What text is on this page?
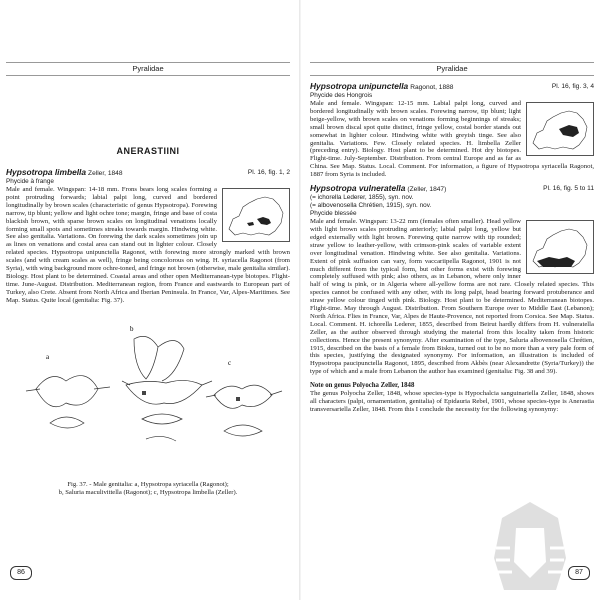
Pyralidae
ANERASTIINI
Hypsotropa limbella Zeller, 1848	Pl. 16, fig. 1, 2
Phycide à frange

Male and female. Wingspan: 14-18 mm. Frons bears long scales forming a point protruding forwards; labial palpi long, curved and bordered longitudinally by brown scales (characteristic of genus Hypsotropa). Forewing narrow, tip blunt; yellow and light ochre tone; margin, fringe and base of costa blackish brown, with sparse brown scales on longitudinal venations locally forming small spots and sometimes streaks towards margin. Hindwing white. See also genitalia. Variations. On forewing the dark scales sometimes join up as lines on venations and costal area can stand out in lighter colour. Closely related species. Hypsotropa unipunctella Ragonot, with forewing more strongly marked with brown scales (and with cream scales as well), fringe being concolorous on wing. H. syriacella Ragonot (from Syria), with wing background more ochre-toned, and fringe not brown (otherwise, male genitalia similar). Biology. Host plant to be determined. Coastal areas and other open Mediterranean-type biotopes. Flight-time. June-August. Distribution. Mediterranean region, from France and eastwards to European part of Turkey, also Crete. Absent from North Africa and Iberian Peninsula. In France, Var, Alpes-Maritimes. See Map. Status. Quite local (genitalia: Fig. 37).

a
b
c
Fig. 37. - Male genitalia: a, Hypsotropa syriacella (Ragonot);
b, Saluria maculivittella (Ragonot); c, Hypsotropa limbella (Zeller).
86
Pyralidae
Hypsotropa unipunctella Ragonot, 1888	Pl. 16, fig. 3, 4
Phycide des Hongrois

Male and female. Wingspan: 12-15 mm. Labial palpi long, curved and bordered longitudinally with brown scales. Forewing narrow, tip blunt; light beige-yellow, with brown scales on venations forming beginnings of streaks; small brown discal spot quite distinct, fringe yellow, costal border stands out somewhat in lighter colour. Hindwing white with greyish tinge. See also genitalia. Variations. Few. Closely related species. H. limbella Zeller (preceding entry). Biology. Host plant to be determined. Hot dry biotopes. Flight-time. July-September. Distribution. From central Europe and as far as China. See Map. Status. Local. Comment. For information, a figure of Hypsotropa syriacella Ragonot, 1887 from Syria is included.

Hypsotropa vulneratella (Zeller, 1847)	Pl. 16, fig. 5 to 11
(= ichorella Lederer, 1855), syn. nov.
(= albovenosella Chrétien, 1915), syn. nov.
Phycide blessée

Male and female. Wingspan: 13-22 mm (females often smaller). Head yellow with light brown scales protruding anteriorly; labial palpi long, yellow but edged externally with light brown. Forewing quite narrow with tip rounded; straw yellow to leather-yellow, with crimson-pink scales of variable extent over longitudinal venation. Hindwing white. See also genitalia. Variations. Extent of pink suffusion can vary, form vaccariipella Ragonot, 1901 is not much different from the typical form, but other forms exist with forewing completely suffused with pink; also others, as in Lebanon, where only inner half of wing is pink, or in Algeria where all-yellow forms are not rare. Closely related species. This species cannot be confused with any other, with its long palpi, head bearing forward protuberance and straw yellow colour tinged with pink. Biology. Host plant to be determined. Mediterranean biotopes. Flight-time. May through August. Distribution. From Southern Europe over to Middle East (Lebanon); North Africa. Flies in France, Var, Alpes de Haute-Provence, not reported from Corsica. See Map. Status. Local. Comment. H. ichorella Lederer, 1855, described from Beirut hardly differs from H. vulneratella Zeller, as the author observed through studying the material from this locality taken from historic collections. Hence the present synonymy. After examination of the type, Saluria albovenosella Chrétien, 1915, described on the basis of a female from Biskra, turned out to be no more than a very pale form of this species, justifying the designated synonymy. For information, an illustration is included of Hypsotropa paucipunctella Ragonot, 1895, described from Akbès (near Alexandrette (Syria/Turkey)) the type of which and a male from Lebanon the author has examined (genitalia: Fig. 38 and 39).

Note on genus Polyocha Zeller, 1848

The genus Polyocha Zeller, 1848, whose species-type is Hypochalcia sanguinariella Zeller, 1848, shows all characters (palpi, ornamentation, genitalia) of Epidauria Rebel, 1901, whose species-type is Anerastia transversariella Zeller, 1848. From this I conclude the necessity for the following synonymy:

87
